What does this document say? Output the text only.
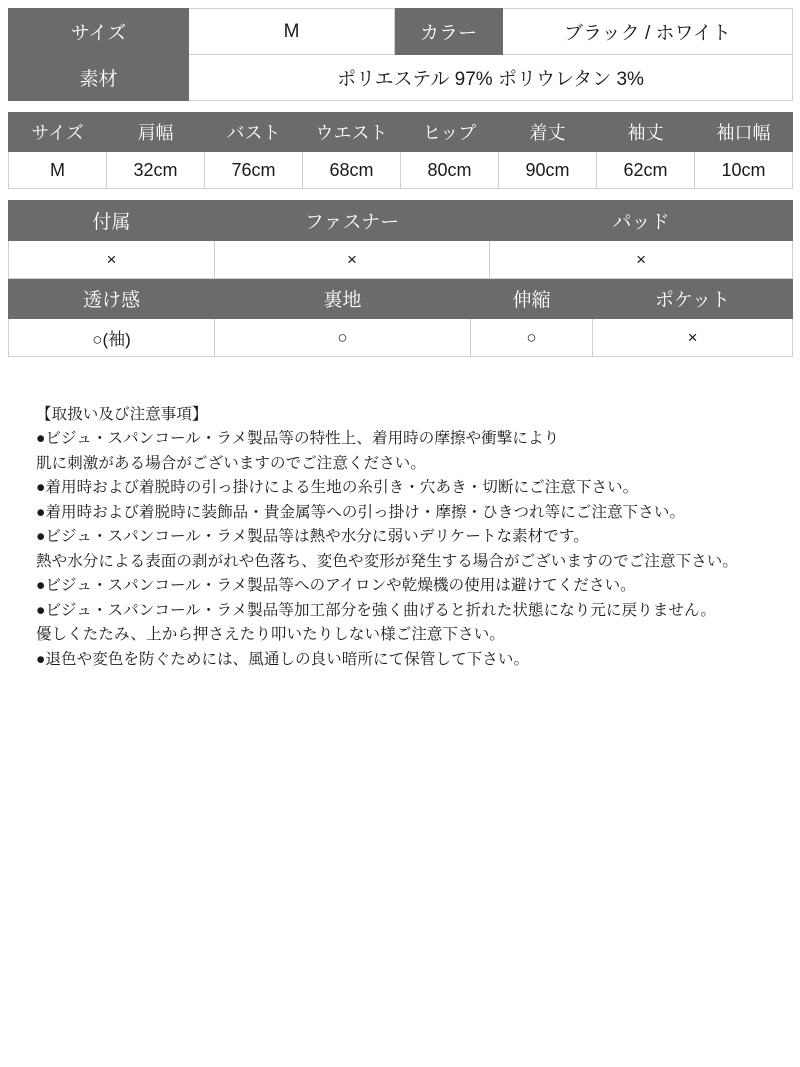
サイズ	M	カラー	ブラック / ホワイト
素材	ポリエステル 97% ポリウレタン 3%		
サイズ	肩幅	バスト	ウエスト	ヒップ	着丈	袖丈	袖口幅
M	32cm	76cm	68cm	80cm	90cm	62cm	10cm
付属	ファスナー		パッド	
×	×		×	
透け感	裏地	伸縮		ポケット
○(袖)	○	○		×
【取扱い及び注意事項】
●ビジュ・スパンコール・ラメ製品等の特性上、着用時の摩擦や衝撃により
肌に刺激がある場合がございますのでご注意ください。
●着用時および着脱時の引っ掛けによる生地の糸引き・穴あき・切断にご注意下さい。
●着用時および着脱時に装飾品・貴金属等への引っ掛け・摩擦・ひきつれ等にご注意下さい。
●ビジュ・スパンコール・ラメ製品等は熱や水分に弱いデリケートな素材です。
熱や水分による表面の剥がれや色落ち、変色や変形が発生する場合がございますのでご注意下さい。
●ビジュ・スパンコール・ラメ製品等へのアイロンや乾燥機の使用は避けてください。
●ビジュ・スパンコール・ラメ製品等加工部分を強く曲げると折れた状態になり元に戻りません。
優しくたたみ、上から押さえたり叩いたりしない様ご注意下さい。
●退色や変色を防ぐためには、風通しの良い暗所にて保管して下さい。
